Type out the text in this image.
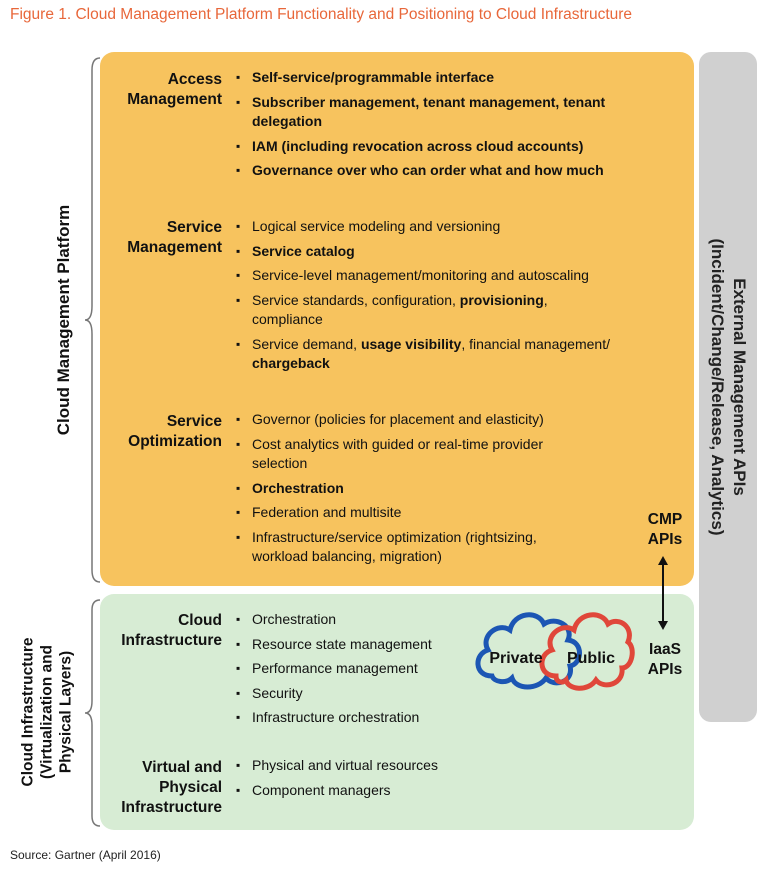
Figure 1. Cloud Management Platform Functionality and Positioning to Cloud Infrastructure
External Management APIs
(Incident/Change/Release, Analytics)
Cloud Management Platform
Cloud Infrastructure (Virtualization and Physical Layers)
Access
Management
▪ Self-service/programmable interface
▪ Subscriber management, tenant management, tenant delegation
▪ IAM (including revocation across cloud accounts)
▪ Governance over who can order what and how much
Service
Management
▪ Logical service modeling and versioning
▪ Service catalog
▪ Service-level management/monitoring and autoscaling
▪ Service standards, configuration, provisioning,
compliance
▪ Service demand, usage visibility, financial management/
chargeback
Service
Optimization
▪ Governor (policies for placement and elasticity)
▪ Cost analytics with guided or real-time provider selection
▪ Orchestration
▪ Federation and multisite
▪ Infrastructure/service optimization (rightsizing, workload balancing, migration)
CMP
APIs
Cloud
Infrastructure
▪ Orchestration
▪ Resource state management
▪ Performance management
▪ Security
▪ Infrastructure orchestration
Private Public
IaaS
APIs
Virtual and
Physical
Infrastructure
▪ Physical and virtual resources
▪ Component managers
Source: Gartner (April 2016)
